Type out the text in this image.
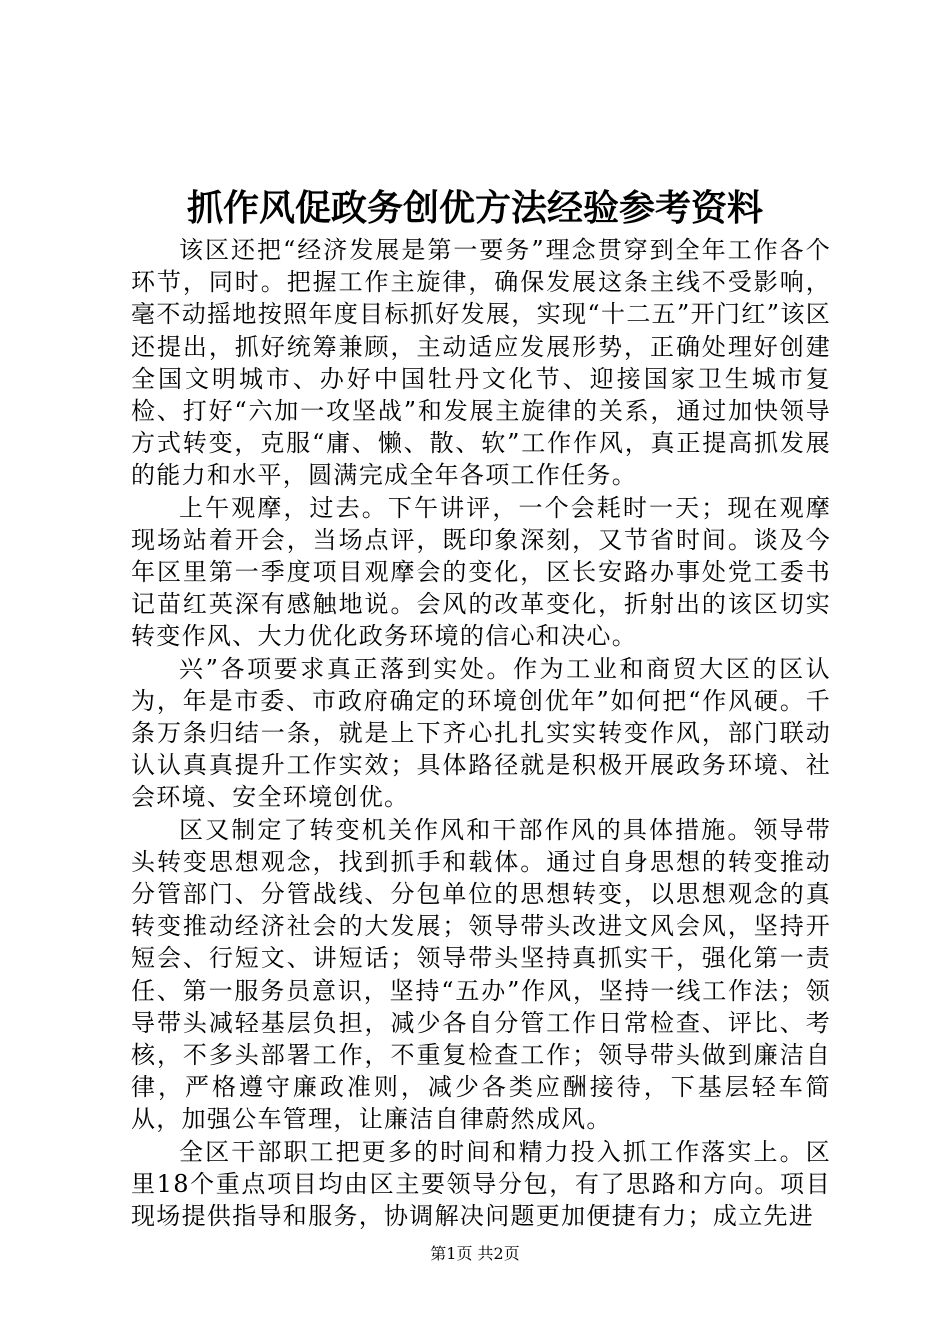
抓作风促政务创优方法经验参考资料

该区还把“经济发展是第一要务”理念贯穿到全年工作各个环节，同时。把握工作主旋律，确保发展这条主线不受影响，毫不动摇地按照年度目标抓好发展，实现“十二五”开门红”该区还提出，抓好统筹兼顾，主动适应发展形势，正确处理好创建全国文明城市、办好中国牡丹文化节、迎接国家卫生城市复检、打好“六加一攻坚战”和发展主旋律的关系，通过加快领导方式转变，克服“庸、懒、散、软”工作作风，真正提高抓发展的能力和水平，圆满完成全年各项工作任务。

上午观摩，过去。下午讲评，一个会耗时一天；现在观摩现场站着开会，当场点评，既印象深刻，又节省时间。谈及今年区里第一季度项目观摩会的变化，区长安路办事处党工委书记苗红英深有感触地说。会风的改革变化，折射出的该区切实转变作风、大力优化政务环境的信心和决心。

兴”各项要求真正落到实处。作为工业和商贸大区的区认为，年是市委、市政府确定的环境创优年”如何把“作风硬。千条万条归结一条，就是上下齐心扎扎实实转变作风，部门联动认认真真提升工作实效；具体路径就是积极开展政务环境、社会环境、安全环境创优。

区又制定了转变机关作风和干部作风的具体措施。领导带头转变思想观念，找到抓手和载体。通过自身思想的转变推动分管部门、分管战线、分包单位的思想转变，以思想观念的真转变推动经济社会的大发展；领导带头改进文风会风，坚持开短会、行短文、讲短话；领导带头坚持真抓实干，强化第一责任、第一服务员意识，坚持“五办”作风，坚持一线工作法；领导带头减轻基层负担，减少各自分管工作日常检查、评比、考核，不多头部署工作，不重复检查工作；领导带头做到廉洁自律，严格遵守廉政准则，减少各类应酬接待，下基层轻车简从，加强公车管理，让廉洁自律蔚然成风。

全区干部职工把更多的时间和精力投入抓工作落实上。区里18个重点项目均由区主要领导分包，有了思路和方向。项目现场提供指导和服务，协调解决问题更加便捷有力；成立先进

第1页 共2页
